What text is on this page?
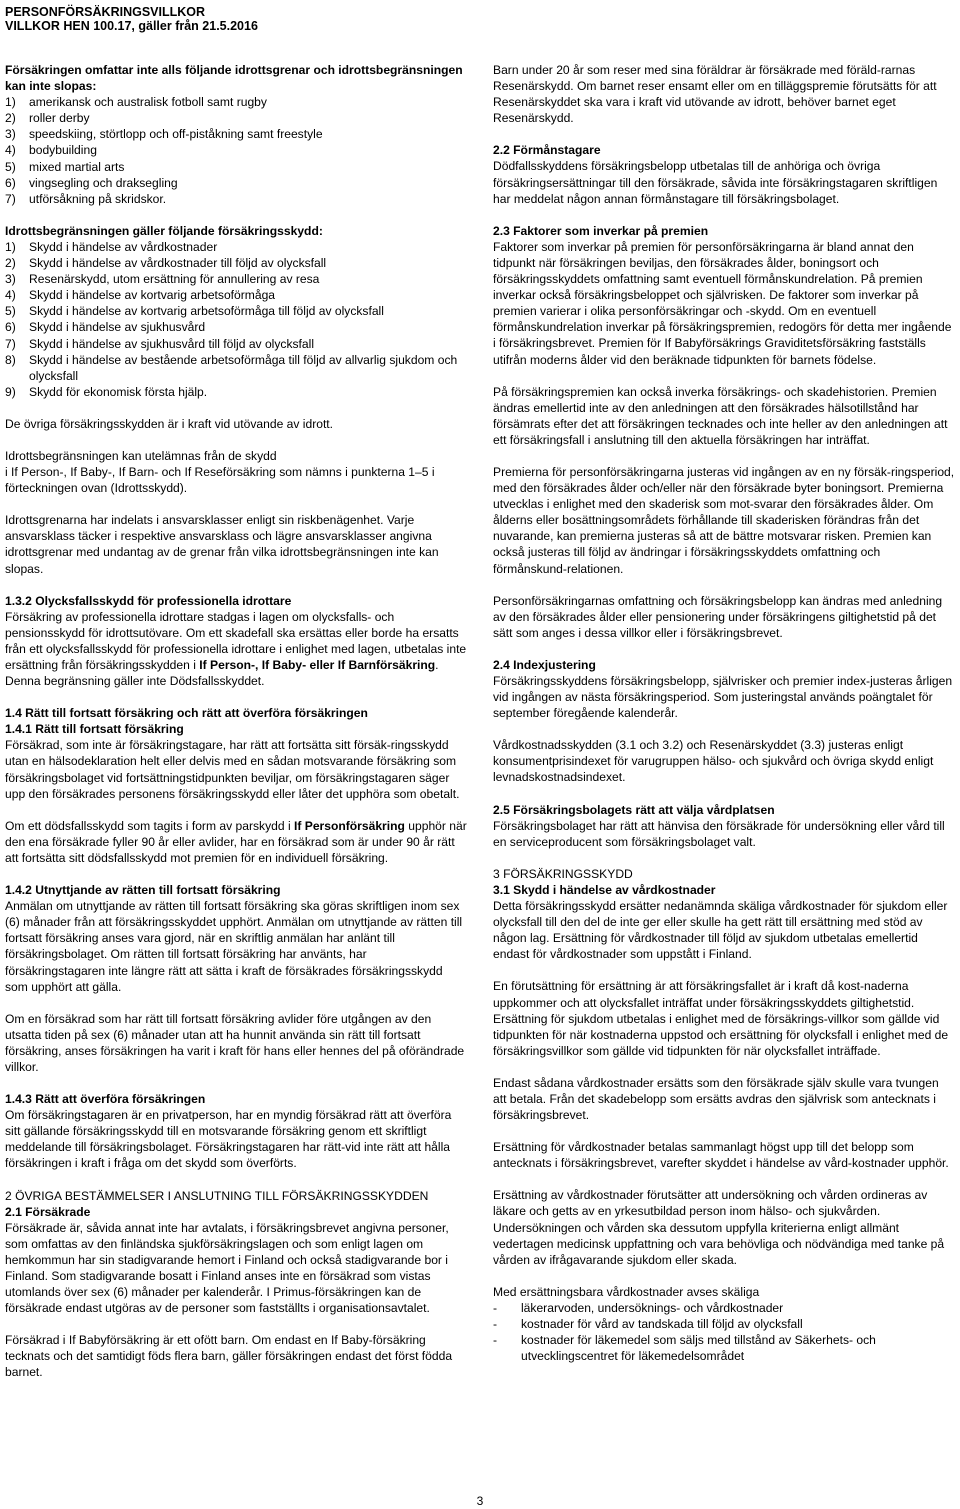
PERSONFÖRSÄKRINGSVILLKOR
VILLKOR HEN 100.17, gäller från 21.5.2016

Försäkringen omfattar inte alls följande idrottsgrenar och idrottsbegränsningen kan inte slopas:

1)	amerikansk och australisk fotboll samt rugby
2)	roller derby
3)	speedskiing, störtlopp och off-piståkning samt freestyle
4)	bodybuilding
5)	mixed martial arts
6)	vingsegling och draksegling
7)	utförsåkning på skridskor.

Idrottsbegränsningen gäller följande försäkringsskydd:

1)	Skydd i händelse av vårdkostnader
2)	Skydd i händelse av vårdkostnader till följd av olycksfall
3)	Resenärskydd, utom ersättning för annullering av resa
4)	Skydd i händelse av kortvarig arbetsoförmåga
5)	Skydd i händelse av kortvarig arbetsoförmåga till följd av olycksfall
6)	Skydd i händelse av sjukhusvård
7)	Skydd i händelse av sjukhusvård till följd av olycksfall
8)	Skydd i händelse av bestående arbetsoförmåga till följd av allvarlig sjukdom och olycksfall
9)	Skydd för ekonomisk första hjälp.

De övriga försäkringsskydden är i kraft vid utövande av idrott.

Idrottsbegränsningen kan utelämnas från de skydd

i If Person-, If Baby-, If Barn- och If Reseförsäkring som nämns i punkterna 1–5 i förteckningen ovan (Idrottsskydd).

Idrottsgrenarna har indelats i ansvarsklasser enligt sin riskbenägenhet. Varje ansvarsklass täcker i respektive ansvarsklass och lägre ansvarsklasser angivna idrottsgrenar med undantag av de grenar från vilka idrottsbegränsningen inte kan slopas.

1.3.2 Olycksfallsskydd för professionella idrottare

Försäkring av professionella idrottare stadgas i lagen om olycksfalls- och pensionsskydd för idrottsutövare. Om ett skadefall ska ersättas eller borde ha ersatts från ett olycksfallsskydd för professionella idrottare i enlighet med lagen, utbetalas inte ersättning från försäkringsskydden i If Person-, If Baby- eller If Barnförsäkring. Denna begränsning gäller inte Dödsfallsskyddet.

1.4 Rätt till fortsatt försäkring och rätt att överföra försäkringen

1.4.1 Rätt till fortsatt försäkring

Försäkrad, som inte är försäkringstagare, har rätt att fortsätta sitt försäk-ringsskydd utan en hälsodeklaration helt eller delvis med en sådan motsvarande försäkring som försäkringsbolaget vid fortsättningstidpunkten beviljar, om försäkringstagaren säger upp den försäkrades personens försäkringsskydd eller låter det upphöra som obetalt.

Om ett dödsfallsskydd som tagits i form av parskydd i If Personförsäkring upphör när den ena försäkrade fyller 90 år eller avlider, har en försäkrad som är under 90 år rätt att fortsätta sitt dödsfallsskydd mot premien för en individuell försäkring.

1.4.2 Utnyttjande av rätten till fortsatt försäkring

Anmälan om utnyttjande av rätten till fortsatt försäkring ska göras skriftligen inom sex (6) månader från att försäkringsskyddet upphört. Anmälan om utnyttjande av rätten till fortsatt försäkring anses vara gjord, när en skriftlig anmälan har anlänt till försäkringsbolaget. Om rätten till fortsatt försäkring har använts, har försäkringstagaren inte längre rätt att sätta i kraft de försäkrades försäkringsskydd som upphört att gälla.

Om en försäkrad som har rätt till fortsatt försäkring avlider före utgången av den utsatta tiden på sex (6) månader utan att ha hunnit använda sin rätt till fortsatt försäkring, anses försäkringen ha varit i kraft för hans eller hennes del på oförändrade villkor.

1.4.3 Rätt att överföra försäkringen

Om försäkringstagaren är en privatperson, har en myndig försäkrad rätt att överföra sitt gällande försäkringsskydd till en motsvarande försäkring genom ett skriftligt meddelande till försäkringsbolaget. Försäkringstagaren har rätt-vid inte rätt att hålla försäkringen i kraft i fråga om det skydd som överförts.

2 ÖVRIGA BESTÄMMELSER I ANSLUTNING TILL FÖRSÄKRINGSSKYDDEN

2.1 Försäkrade

Försäkrade är, såvida annat inte har avtalats, i försäkringsbrevet angivna personer, som omfattas av den finländska sjukförsäkringslagen och som enligt lagen om hemkommun har sin stadigvarande hemort i Finland och också stadigvarande bor i Finland. Som stadigvarande bosatt i Finland anses inte en försäkrad som vistas utomlands över sex (6) månader per kalenderår. I Primus-försäkringen kan de försäkrade endast utgöras av de personer som fastställts i organisationsavtalet.

Försäkrad i If Babyförsäkring är ett ofött barn. Om endast en If Baby-försäkring tecknats och det samtidigt föds flera barn, gäller försäkringen endast det först födda barnet.

Barn under 20 år som reser med sina föräldrar är försäkrade med föräld-rarnas Resenärskydd. Om barnet reser ensamt eller om en tilläggspremie förutsätts för att Resenärskyddet ska vara i kraft vid utövande av idrott, behöver barnet eget Resenärskydd.

2.2 Förmånstagare

Dödfallsskyddens försäkringsbelopp utbetalas till de anhöriga och övriga försäkringsersättningar till den försäkrade, såvida inte försäkringstagaren skriftligen har meddelat någon annan förmånstagare till försäkringsbolaget.

2.3 Faktorer som inverkar på premien

Faktorer som inverkar på premien för personförsäkringarna är bland annat den tidpunkt när försäkringen beviljas, den försäkrades ålder, boningsort och försäkringsskyddets omfattning samt eventuell förmånskundrelation. På premien inverkar också försäkringsbeloppet och självrisken. De faktorer som inverkar på premien varierar i olika personförsäkringar och -skydd. Om en eventuell förmånskundrelation inverkar på försäkringspremien, redogörs för detta mer ingående i försäkringsbrevet. Premien för If Babyförsäkrings Graviditetsförsäkring fastställs utifrån moderns ålder vid den beräknade tidpunkten för barnets födelse.

På försäkringspremien kan också inverka försäkrings- och skadehistorien. Premien ändras emellertid inte av den anledningen att den försäkrades hälsotillstånd har försämrats efter det att försäkringen tecknades och inte heller av den anledningen att ett försäkringsfall i anslutning till den aktuella försäkringen har inträffat.

Premierna för personförsäkringarna justeras vid ingången av en ny försäk-ringsperiod, med den försäkrades ålder och/eller när den försäkrade byter boningsort. Premierna utvecklas i enlighet med den skaderisk som mot-svarar den försäkrades ålder. Om ålderns eller bosättningsområdets förhållande till skaderisken förändras från det nuvarande, kan premierna justeras så att de bättre motsvarar risken. Premien kan också justeras till följd av ändringar i försäkringsskyddets omfattning och förmånskund-relationen.

Personförsäkringarnas omfattning och försäkringsbelopp kan ändras med anledning av den försäkrades ålder eller pensionering under försäkringens giltighetstid på det sätt som anges i dessa villkor eller i försäkringsbrevet.

2.4 Indexjustering

Försäkringsskyddens försäkringsbelopp, självrisker och premier index-justeras årligen vid ingången av nästa försäkringsperiod. Som justeringstal används poängtalet för september föregående kalenderår.

Vårdkostnadsskydden (3.1 och 3.2) och Resenärskyddet (3.3) justeras enligt konsumentprisindexet för varugruppen hälso- och sjukvård och övriga skydd enligt levnadskostnadsindexet.

2.5 Försäkringsbolagets rätt att välja vårdplatsen

Försäkringsbolaget har rätt att hänvisa den försäkrade för undersökning eller vård till en serviceproducent som försäkringsbolaget valt.

3 FÖRSÄKRINGSSKYDD

3.1 Skydd i händelse av vårdkostnader

Detta försäkringsskydd ersätter nedanämnda skäliga vårdkostnader för sjukdom eller olycksfall till den del de inte ger eller skulle ha gett rätt till ersättning med stöd av någon lag. Ersättning för vårdkostnader till följd av sjukdom utbetalas emellertid endast för vårdkostnader som uppstått i Finland.

En förutsättning för ersättning är att försäkringsfallet är i kraft då kost-naderna uppkommer och att olycksfallet inträffat under försäkringsskyddets giltighetstid. Ersättning för sjukdom utbetalas i enlighet med de försäkrings-villkor som gällde vid tidpunkten för när kostnaderna uppstod och ersättning för olycksfall i enlighet med de försäkringsvillkor som gällde vid tidpunkten för när olycksfallet inträffade.

Endast sådana vårdkostnader ersätts som den försäkrade själv skulle vara tvungen att betala. Från det skadebelopp som ersätts avdras den självrisk som antecknats i försäkringsbrevet.

Ersättning för vårdkostnader betalas sammanlagt högst upp till det belopp som antecknats i försäkringsbrevet, varefter skyddet i händelse av vård-kostnader upphör.

Ersättning av vårdkostnader förutsätter att undersökning och vården ordineras av läkare och getts av en yrkesutbildad person inom hälso- och sjukvården. Undersökningen och vården ska dessutom uppfylla kriterierna enligt allmänt vedertagen medicinsk uppfattning och vara behövliga och nödvändiga med tanke på vården av ifrågavarande sjukdom eller skada.

Med ersättningsbara vårdkostnader avses skäliga

-	läkerarvoden, undersöknings- och vårdkostnader
-	kostnader för vård av tandskada till följd av olycksfall
-	kostnader för läkemedel som säljs med tillstånd av Säkerhets- och utvecklingscentret för läkemedelsområdet
3
